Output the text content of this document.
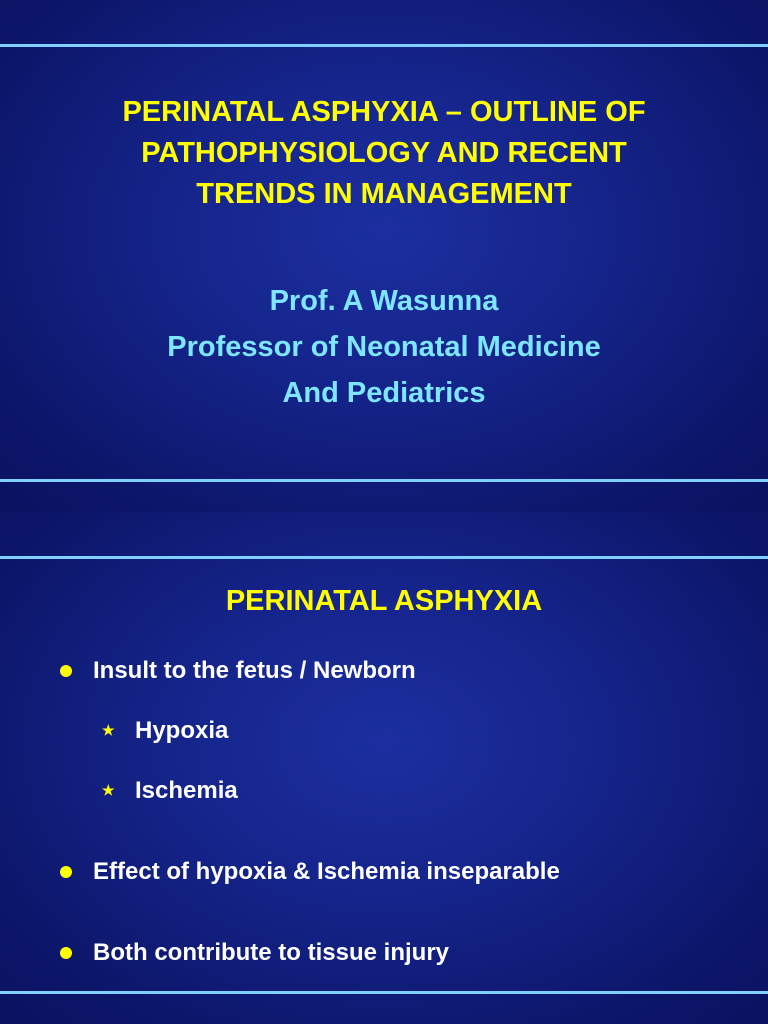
PERINATAL ASPHYXIA – OUTLINE OF
PATHOPHYSIOLOGY AND RECENT
TRENDS IN MANAGEMENT
Prof. A Wasunna
Professor of Neonatal Medicine
And Pediatrics
PERINATAL ASPHYXIA
Insult to the fetus / Newborn
★ Hypoxia
★ Ischemia
Effect of hypoxia & Ischemia inseparable
Both contribute to tissue injury
